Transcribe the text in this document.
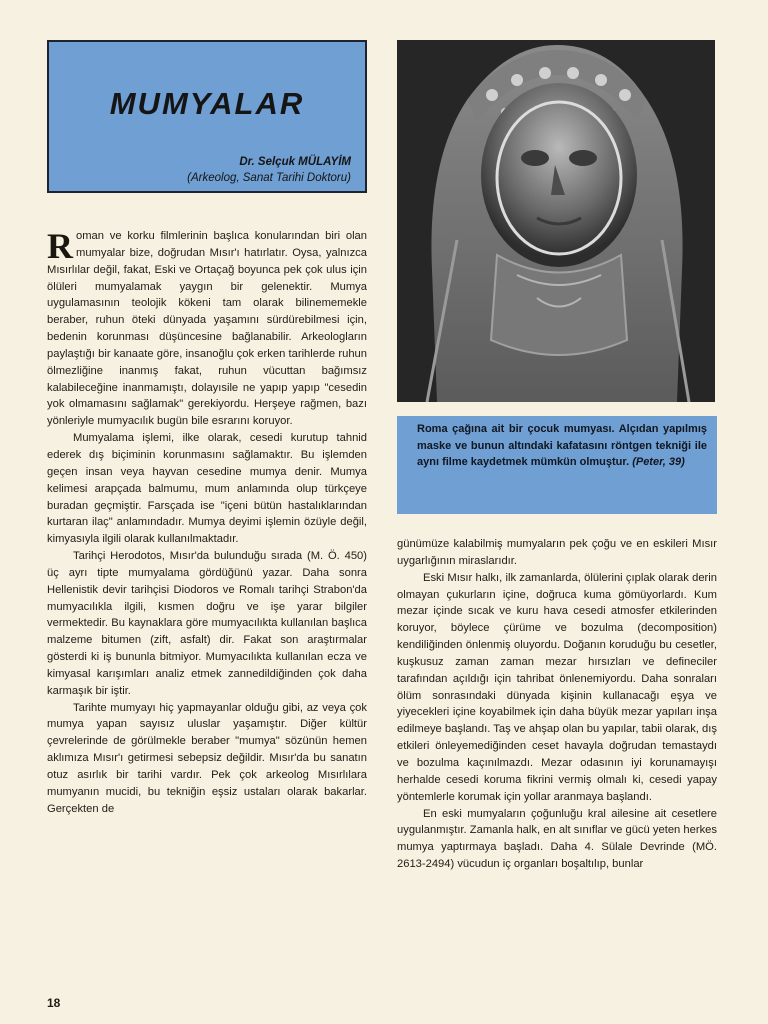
MUMYALAR
Dr. Selçuk MÜLAYİM
(Arkeolog, Sanat Tarihi Doktoru)

Roma çağına ait bir çocuk mumyası. Alçıdan yapılmış maske ve bunun altındaki kafatasını röntgen tekniği ile aynı filme kaydetmek mümkün olmuştur. (Peter, 39)

Roman ve korku filmlerinin başlıca konularından biri olan mumyalar bize, doğrudan Mısır'ı hatırlatır. Oysa, yalnızca Mısırlılar değil, fakat, Eski ve Ortaçağ boyunca pek çok ulus için ölüleri mumyalamak yaygın bir gelenektir. Mumya uygulamasının teolojik kökeni tam olarak bilinememekle beraber, ruhun öteki dünyada yaşamını sürdürebilmesi için, bedenin korunması düşüncesine bağlanabilir. Arkeologların paylaştığı bir kanaate göre, insanoğlu çok erken tarihlerde ruhun ölmezliğine inanmış fakat, ruhun vücuttan bağımsız kalabileceğine inanmamıştı, dolayısile ne yapıp yapıp "cesedin yok olmamasını sağlamak" gerekiyordu. Herşeye rağmen, bazı yönleriyle mumyacılık bugün bile esrarını koruyor.

Mumyalama işlemi, ilke olarak, cesedi kurutup tahnid ederek dış biçiminin korunmasını sağlamaktır. Bu işlemden geçen insan veya hayvan cesedine mumya denir. Mumya kelimesi arapçada balmumu, mum anlamında olup türkçeye buradan geçmiştir. Farsçada ise "içeni bütün hastalıklarından kurtaran ilaç" anlamındadır. Mumya deyimi işlemin özüyle değil, kimyasıyla ilgili olarak kullanılmaktadır.

Tarihçi Herodotos, Mısır'da bulunduğu sırada (M. Ö. 450) üç ayrı tipte mumyalama gördüğünü yazar. Daha sonra Hellenistik devir tarihçisi Diodoros ve Romalı tarihçi Strabon'da mumyacılıkla ilgili, kısmen doğru ve işe yarar bilgiler vermektedir. Bu kaynaklara göre mumyacılıkta kullanılan başlıca malzeme bitumen (zift, asfalt) dir. Fakat son araştırmalar gösterdi ki iş bununla bitmiyor. Mumyacılıkta kullanılan ecza ve kimyasal karışımları analiz etmek zannedildiğinden çok daha karmaşık bir iştir.

Tarihte mumyayı hiç yapmayanlar olduğu gibi, az veya çok mumya yapan sayısız uluslar yaşamıştır. Diğer kültür çevrelerinde de görülmekle beraber "mumya" sözünün hemen aklımıza Mısır'ı getirmesi sebepsiz değildir. Mısır'da bu sanatın otuz asırlık bir tarihi vardır. Pek çok arkeolog Mısırlılara mumyanın mucidi, bu tekniğin eşsiz ustaları olarak bakarlar. Gerçekten de

günümüze kalabilmiş mumyaların pek çoğu ve en eskileri Mısır uygarlığının miraslarıdır.

Eski Mısır halkı, ilk zamanlarda, ölülerini çıplak olarak derin olmayan çukurların içine, doğruca kuma gömüyorlardı. Kum mezar içinde sıcak ve kuru hava cesedi atmosfer etkilerinden koruyor, böylece çürüme ve bozulma (decomposition) kendiliğinden önlenmiş oluyordu. Doğanın koruduğu bu cesetler, kuşkusuz zaman zaman mezar hırsızları ve defineciler tarafından açıldığı için tahribat önlenemiyordu. Daha sonraları ölüm sonrasındaki dünyada kişinin kullanacağı eşya ve yiyecekleri içine koyabilmek için daha büyük mezar yapıları inşa edilmeye başlandı. Taş ve ahşap olan bu yapılar, tabii olarak, dış etkileri önleyemediğinden ceset havayla doğrudan temastaydı ve bozulma kaçınılmazdı. Mezar odasının iyi korunamayışı herhalde cesedi koruma fikrini vermiş olmalı ki, cesedi yapay yöntemlerle korumak için yollar aranmaya başlandı.

En eski mumyaların çoğunluğu kral ailesine ait cesetlere uygulanmıştır. Zamanla halk, en alt sınıflar ve gücü yeten herkes mumya yaptırmaya başladı. Daha 4. Sülale Devrinde (MÖ. 2613-2494) vücudun iç organları boşaltılıp, bunlar

18
